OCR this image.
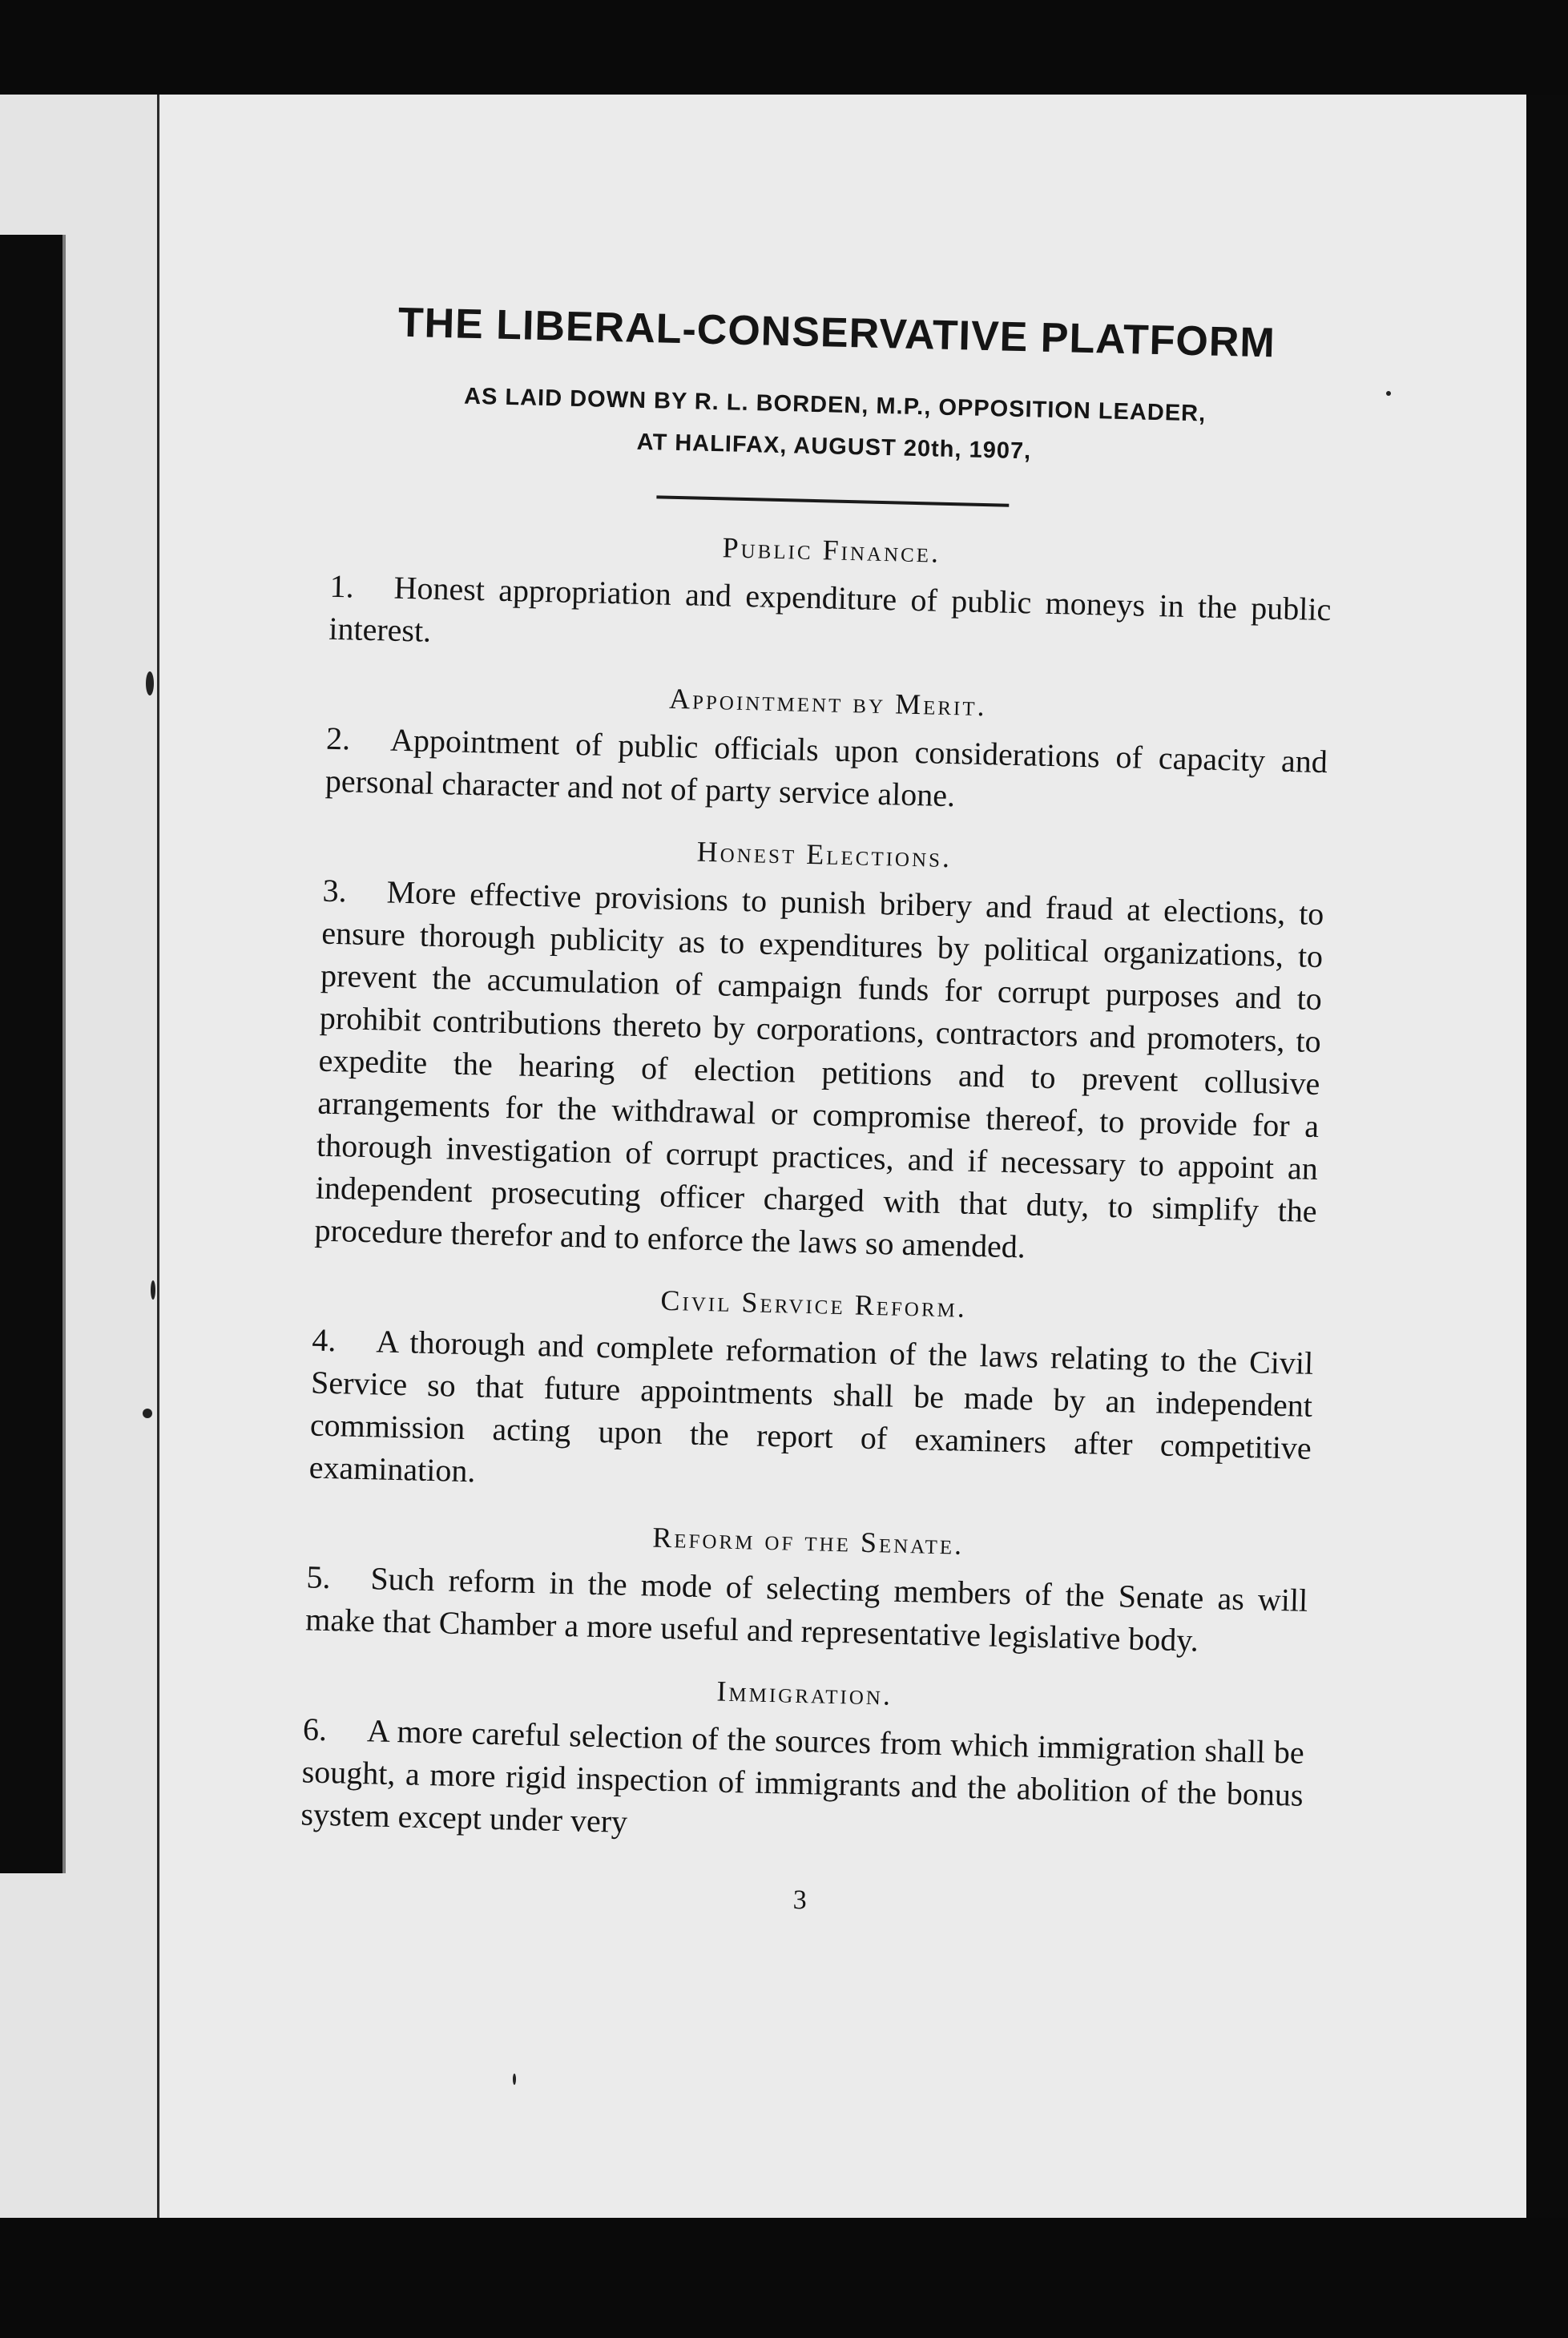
THE LIBERAL-CONSERVATIVE PLATFORM
AS LAID DOWN BY R. L. BORDEN, M.P., OPPOSITION LEADER,
AT HALIFAX, AUGUST 20th, 1907,
Public Finance.

1. Honest appropriation and expenditure of public moneys in the public interest.

Appointment by Merit.

2. Appointment of public officials upon considerations of capacity and personal character and not of party service alone.

Honest Elections.

3. More effective provisions to punish bribery and fraud at elections, to ensure thorough publicity as to expenditures by political organizations, to prevent the accumulation of campaign funds for corrupt purposes and to prohibit contributions thereto by corporations, contractors and promoters, to expedite the hearing of election petitions and to prevent collusive arrangements for the withdrawal or compromise thereof, to provide for a thorough investigation of corrupt practices, and if necessary to appoint an independent prosecuting officer charged with that duty, to simplify the procedure therefor and to enforce the laws so amended.

Civil Service Reform.

4. A thorough and complete reformation of the laws relating to the Civil Service so that future appointments shall be made by an independent commission acting upon the report of examiners after competitive examination.

Reform of the Senate.

5. Such reform in the mode of selecting members of the Senate as will make that Chamber a more useful and representative legislative body.

Immigration.

6. A more careful selection of the sources from which immigration shall be sought, a more rigid inspection of immigrants and the abolition of the bonus system except under very

3
